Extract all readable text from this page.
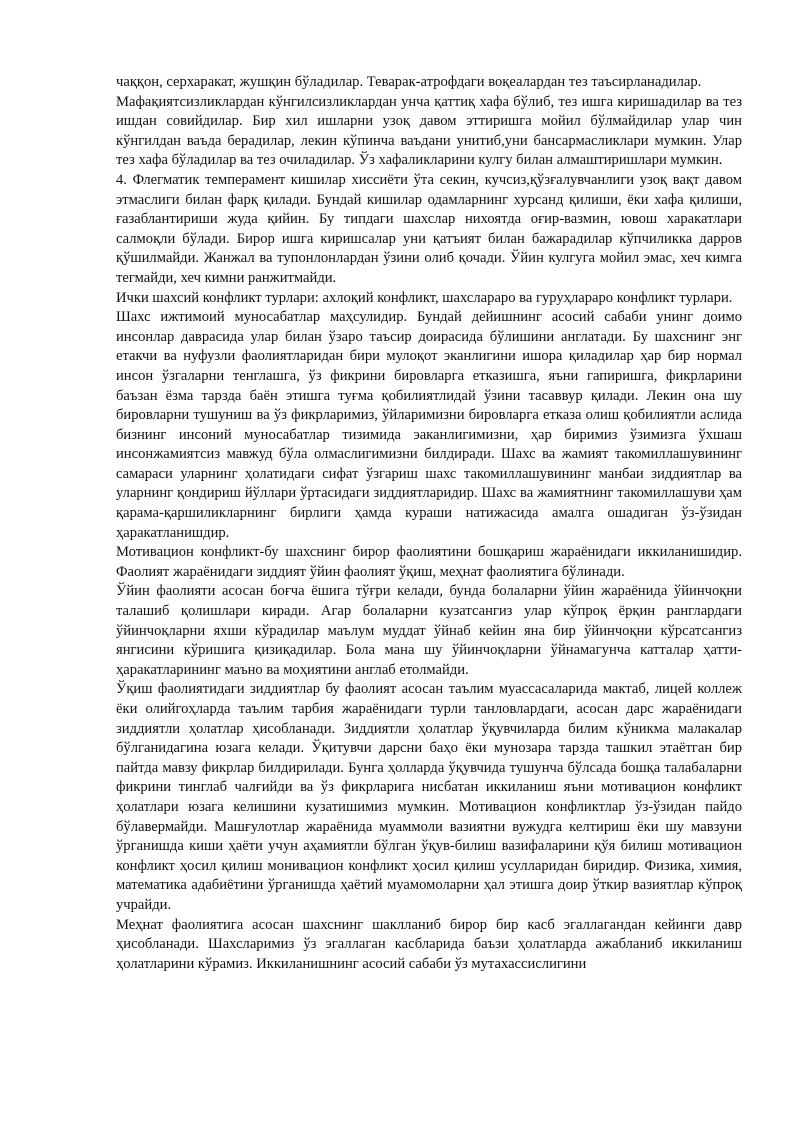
чаққон, серхаракат, жушқин бўладилар. Теварак-атрофдаги воқеалардан тез таъсирланадилар.

Мафақиятсизликлардан кўнгилсизликлардан унча қаттиқ хафа бўлиб, тез ишга киришадилар ва тез ишдан совийдилар. Бир хил ишларни узоқ давом эттиришга мойил бўлмайдилар улар чин кўнгилдан ваъда берадилар, лекин кўпинча ваъдани унитиб,уни бансармасликлари мумкин. Улар тез хафа бўладилар ва тез очиладилар. Ўз хафаликларини кулгу билан алмаштиришлари мумкин.

4. Флегматик темперамент кишилар хиссиёти ўта секин, кучсиз,қўзғалувчанлиги узоқ вақт давом этмаслиги билан фарқ қилади. Бундай кишилар одамларнинг хурсанд қилиши, ёки хафа қилиши, ғазаблантириши жуда қийин. Бу типдаги шахслар нихоятда оғир-вазмин, ювош харакатлари салмоқли бўлади. Бирор ишга киришсалар уни қатъият билан бажарадилар кўпчиликка дарров қўшилмайди. Жанжал ва тупонлонлардан ўзини олиб қочади. Ўйин кулгуга мойил эмас, хеч кимга тегмайди, хеч кимни ранжитмайди.

Ички шахсий конфликт турлари: ахлоқий конфликт, шахслараро ва гуруҳлараро конфликт турлари.

Шахс ижтимоий муносабатлар маҳсулидир. Бундай дейишнинг асосий сабаби унинг доимо инсонлар даврасида улар билан ўзаро таъсир доирасида бўлишини англатади. Бу шахснинг энг етакчи ва нуфузли фаолиятларидан бири мулоқот эканлигини ишора қиладилар ҳар бир нормал инсон ўзгаларни тенглашга, ўз фикрини бировларга етказишга, яъни гапиришга, фикрларини баъзан ёзма тарзда баён этишга туғма қобилиятлидай ўзини тасаввур қилади. Лекин она шу бировларни тушуниш ва ўз фикрларимиз, ўйларимизни бировларга етказа олиш қобилиятли аслида бизнинг инсоний муносабатлар тизимида эаканлигимизни, ҳар биримиз ўзимизга ўхшаш инсонжамиятсиз мавжуд бўла олмаслигимизни билдиради. Шахс ва жамият такомиллашувининг самараси уларнинг ҳолатидаги сифат ўзгариш шахс такомиллашувининг манбаи зиддиятлар ва уларнинг қондириш йўллари ўртасидаги зиддиятларидир. Шахс ва жамиятнинг такомиллашуви ҳам қарама-қаршиликларнинг бирлиги ҳамда кураши натижасида амалга ошадиган ўз-ўзидан ҳаракатланишдир.

Мотивацион конфликт-бу шахснинг бирор фаолиятини бошқариш жараёнидаги иккиланишидир. Фаолият жараёнидаги зиддият ўйин фаолият ўқиш, меҳнат фаолиятига бўлинади.

Ўйин фаолияти асосан боғча ёшига тўғри келади, бунда болаларни ўйин жараёнида ўйинчоқни талашиб қолишлари киради. Агар болаларни кузатсангиз улар кўпроқ ёрқин ранглардаги ўйинчоқларни яхши кўрадилар маълум муддат ўйнаб кейин яна бир ўйинчоқни кўрсатсангиз янгисини кўришига қизиқадилар. Бола мана шу ўйинчоқларни ўйнамагунча катталар ҳатти-ҳаракатларининг маъно ва моҳиятини англаб етолмайди.

Ўқиш фаолиятидаги зиддиятлар бу фаолият асосан таълим муассасаларида мактаб, лицей коллеж ёки олийгоҳларда таълим тарбия жараёнидаги турли танловлардаги, асосан дарс жараёнидаги зиддиятли ҳолатлар ҳисобланади. Зиддиятли ҳолатлар ўқувчиларда билим кўникма малакалар бўлганидагина юзага келади. Ўқитувчи дарсни баҳо ёки мунозара тарзда ташкил этаётган бир пайтда мавзу фикрлар билдирилади. Бунга ҳолларда ўқувчида тушунча бўлсада бошқа талабаларни фикрини тинглаб чалғийди ва ўз фикрларига нисбатан иккиланиш яъни мотивацион конфликт ҳолатлари юзага келишини кузатишимиз мумкин. Мотивацион конфликтлар ўз-ўзидан пайдо бўлавермайди. Машғулотлар жараёнида муаммоли вазиятни вужудга келтириш ёки шу мавзуни ўрганишда киши ҳаёти учун аҳамиятли бўлган ўқув-билиш вазифаларини қўя билиш мотивацион конфликт ҳосил қилиш монивацион конфликт ҳосил қилиш усулларидан биридир. Физика, химия, математика адабиётини ўрганишда ҳаётий муамомоларни ҳал этишга доир ўткир вазиятлар кўпроқ учрайди.

Меҳнат фаолиятига асосан шахснинг шаклланиб бирор бир касб эгаллагандан кейинги давр ҳисобланади. Шахсларимиз ўз эгаллаган касбларида баъзи ҳолатларда ажабланиб иккиланиш ҳолатларини кўрамиз. Иккиланишнинг асосий сабаби ўз мутахассислигини
